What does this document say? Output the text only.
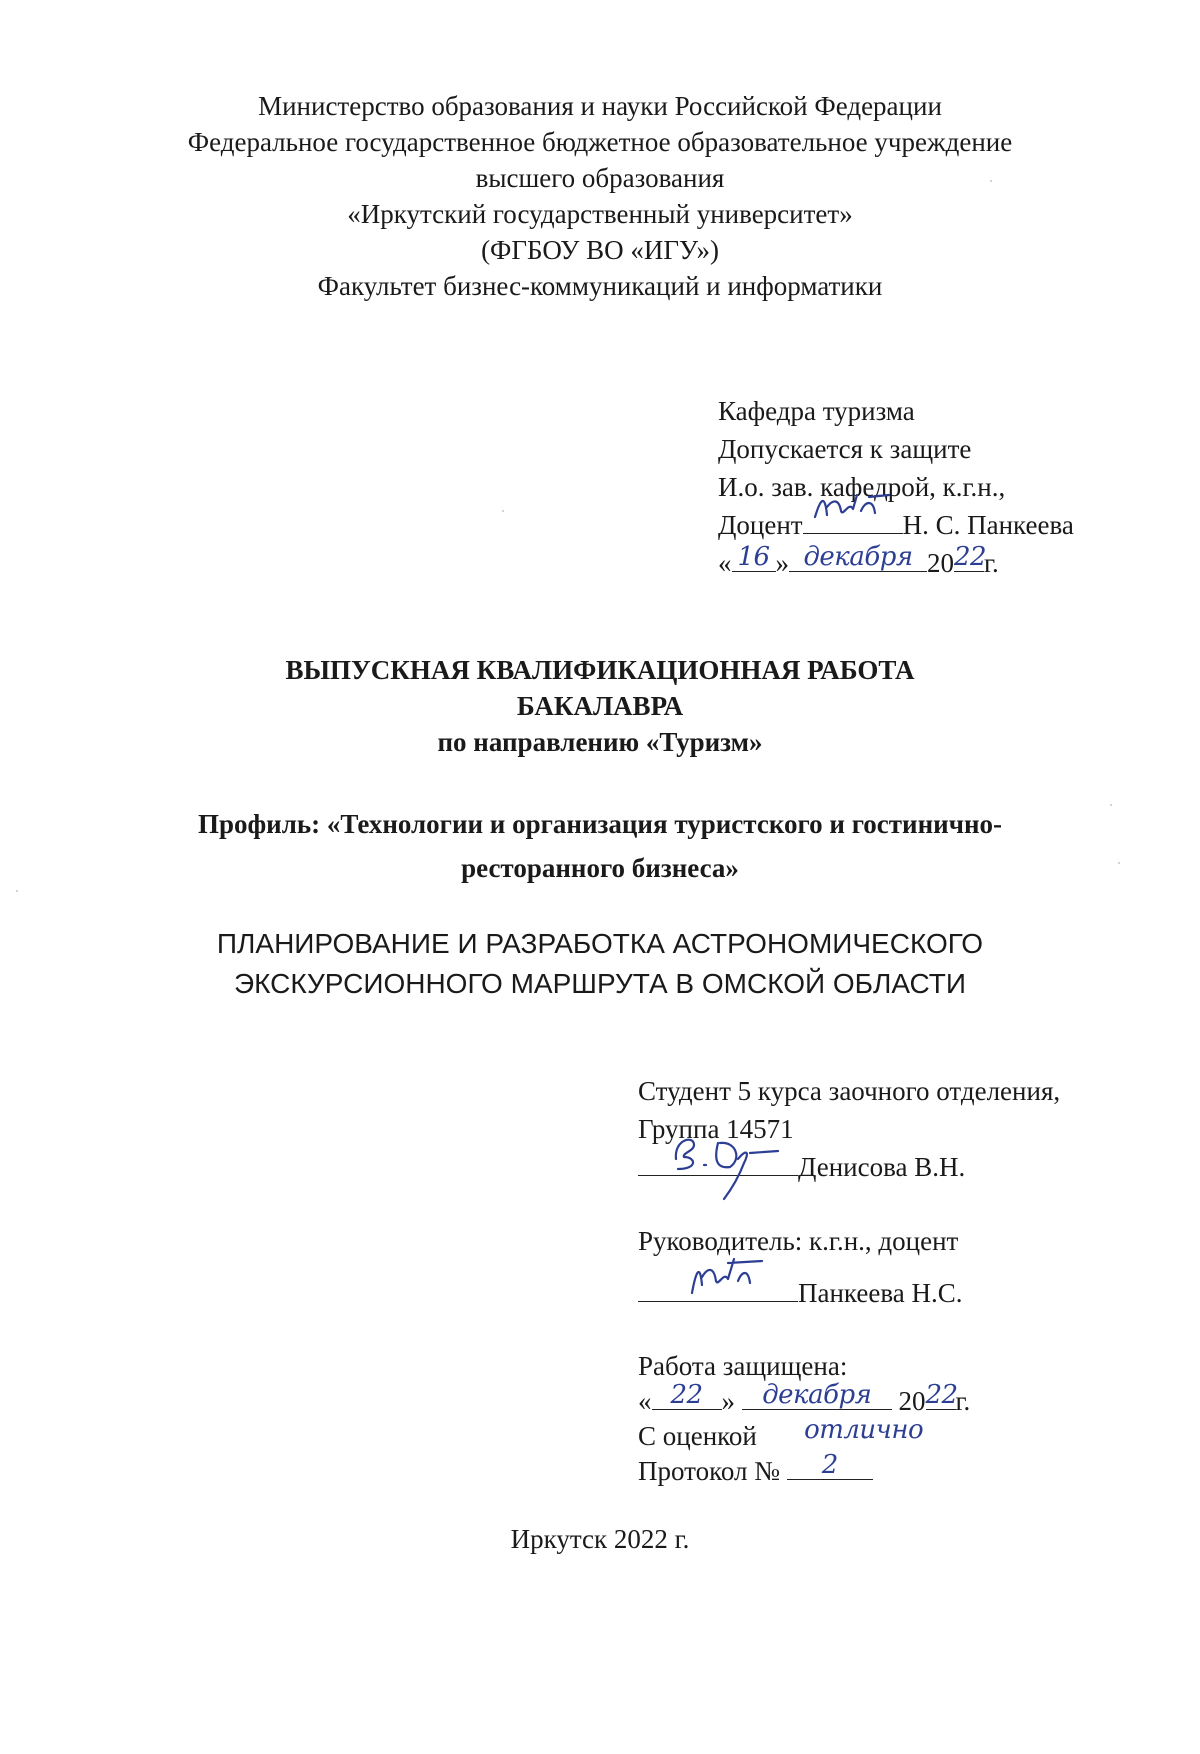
Министерство образования и науки Российской Федерации
Федеральное государственное бюджетное образовательное учреждение
высшего образования
«Иркутский государственный университет»
(ФГБОУ ВО «ИГУ»)
Факультет бизнес-коммуникаций и информатики
Кафедра туризма
Допускается к защите
И.о. зав. кафедрой, к.г.н.,
Доцент	Н. С. Панкеева
« 16 » декабря 20 22
г.
ВЫПУСКНАЯ КВАЛИФИКАЦИОННАЯ РАБОТА
БАКАЛАВРА
по направлению «Туризм»
Профиль: «Технологии и организация туристского и гостинично-
ресторанного бизнеса»
ПЛАНИРОВАНИЕ И РАЗРАБОТКА АСТРОНОМИЧЕСКОГО
ЭКСКУРСИОННОГО МАРШРУТА В ОМСКОЙ ОБЛАСТИ
Студент 5 курса заочного отделения,
Группа 14571
Денисова В.Н.
Руководитель: к.г.н., доцент
Панкеева Н.С.
Работа защищена:
« 22 »	декабря	20 22
г.
С оценкой	отлично
Протокол №	2
Иркутск 2022 г.
